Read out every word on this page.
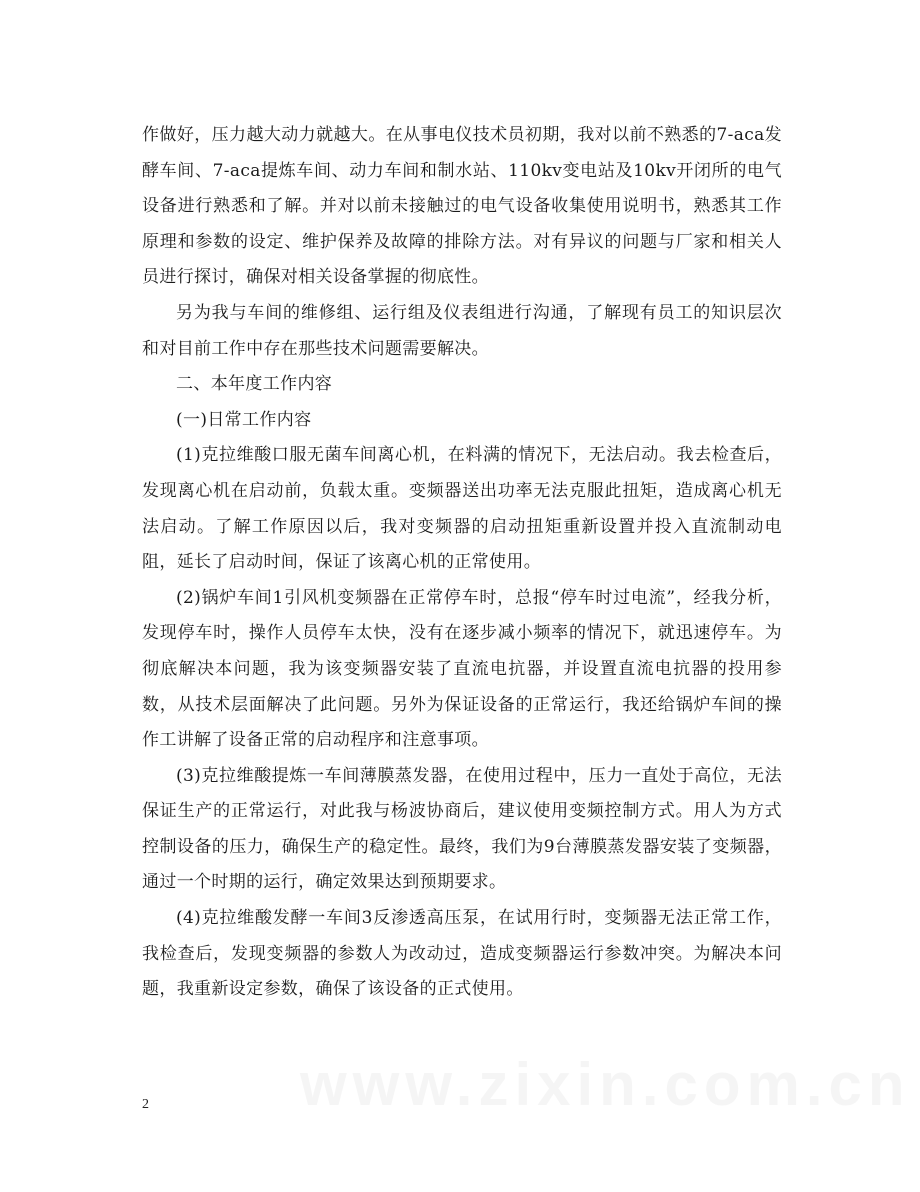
作做好，压力越大动力就越大。在从事电仪技术员初期，我对以前不熟悉的7-aca发酵车间、7-aca提炼车间、动力车间和制水站、110kv变电站及10kv开闭所的电气设备进行熟悉和了解。并对以前未接触过的电气设备收集使用说明书，熟悉其工作原理和参数的设定、维护保养及故障的排除方法。对有异议的问题与厂家和相关人员进行探讨，确保对相关设备掌握的彻底性。

另为我与车间的维修组、运行组及仪表组进行沟通，了解现有员工的知识层次和对目前工作中存在那些技术问题需要解决。

二、本年度工作内容

(一)日常工作内容

(1)克拉维酸口服无菌车间离心机，在料满的情况下，无法启动。我去检查后，发现离心机在启动前，负载太重。变频器送出功率无法克服此扭矩，造成离心机无法启动。了解工作原因以后，我对变频器的启动扭矩重新设置并投入直流制动电阻，延长了启动时间，保证了该离心机的正常使用。

(2)锅炉车间1引风机变频器在正常停车时，总报“停车时过电流”，经我分析，发现停车时，操作人员停车太快，没有在逐步减小频率的情况下，就迅速停车。为彻底解决本问题，我为该变频器安装了直流电抗器，并设置直流电抗器的投用参数，从技术层面解决了此问题。另外为保证设备的正常运行，我还给锅炉车间的操作工讲解了设备正常的启动程序和注意事项。

(3)克拉维酸提炼一车间薄膜蒸发器，在使用过程中，压力一直处于高位，无法保证生产的正常运行，对此我与杨波协商后，建议使用变频控制方式。用人为方式控制设备的压力，确保生产的稳定性。最终，我们为9台薄膜蒸发器安装了变频器，通过一个时期的运行，确定效果达到预期要求。

(4)克拉维酸发酵一车间3反渗透高压泵，在试用行时，变频器无法正常工作，我检查后，发现变频器的参数人为改动过，造成变频器运行参数冲突。为解决本问题，我重新设定参数，确保了该设备的正式使用。

www.zixin.com.cn
2
